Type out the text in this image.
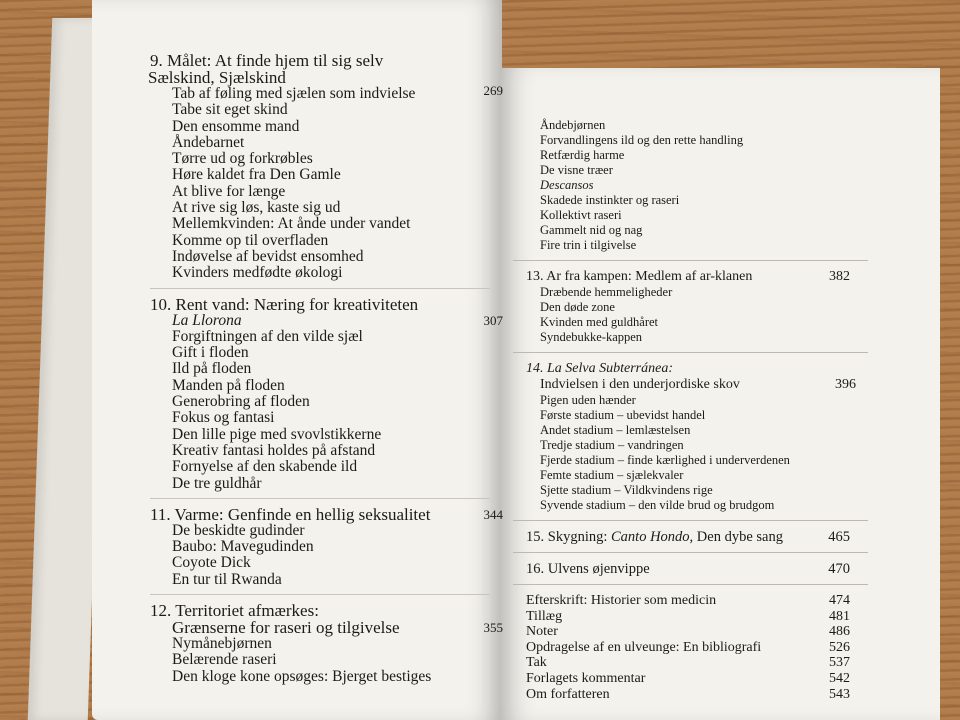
9. Målet: At finde hjem til sig selv
Sælskind, Sjælskind
Tab af føling med sjælen som indvielse	269
Tabe sit eget skind
Den ensomme mand
Åndebarnet
Tørre ud og forkrøbles
Høre kaldet fra Den Gamle
At blive for længe
At rive sig løs, kaste sig ud
Mellemkvinden: At ånde under vandet
Komme op til overfladen
Indøvelse af bevidst ensomhed
Kvinders medfødte økologi
10. Rent vand: Næring for kreativiteten
La Llorona	307
Forgiftningen af den vilde sjæl
Gift i floden
Ild på floden
Manden på floden
Generobring af floden
Fokus og fantasi
Den lille pige med svovlstikkerne
Kreativ fantasi holdes på afstand
Fornyelse af den skabende ild
De tre guldhår
11. Varme: Genfinde en hellig seksualitet	344
De beskidte gudinder
Baubo: Mavegudinden
Coyote Dick
En tur til Rwanda
12. Territoriet afmærkes:
Grænserne for raseri og tilgivelse	355
Nymånebjørnen
Belærende raseri
Den kloge kone opsøges: Bjerget bestiges
Åndebjørnen
Forvandlingens ild og den rette handling
Retfærdig harme
De visne træer
Descansos
Skadede instinkter og raseri
Kollektivt raseri
Gammelt nid og nag
Fire trin i tilgivelse
13. Ar fra kampen: Medlem af ar-klanen	382
Dræbende hemmeligheder
Den døde zone
Kvinden med guldhåret
Syndebukke-kappen
14. La Selva Subterránea:
Indvielsen i den underjordiske skov	396
Pigen uden hænder
Første stadium – ubevidst handel
Andet stadium – lemlæstelsen
Tredje stadium – vandringen
Fjerde stadium – finde kærlighed i underverdenen
Femte stadium – sjælekvaler
Sjette stadium – Vildkvindens rige
Syvende stadium – den vilde brud og brudgom
15. Skygning: Canto Hondo, Den dybe sang	465
16. Ulvens øjenvippe	470
Efterskrift: Historier som medicin	474
Tillæg	481
Noter	486
Opdragelse af en ulveunge: En bibliografi	526
Tak	537
Forlagets kommentar	542
Om forfatteren	543
